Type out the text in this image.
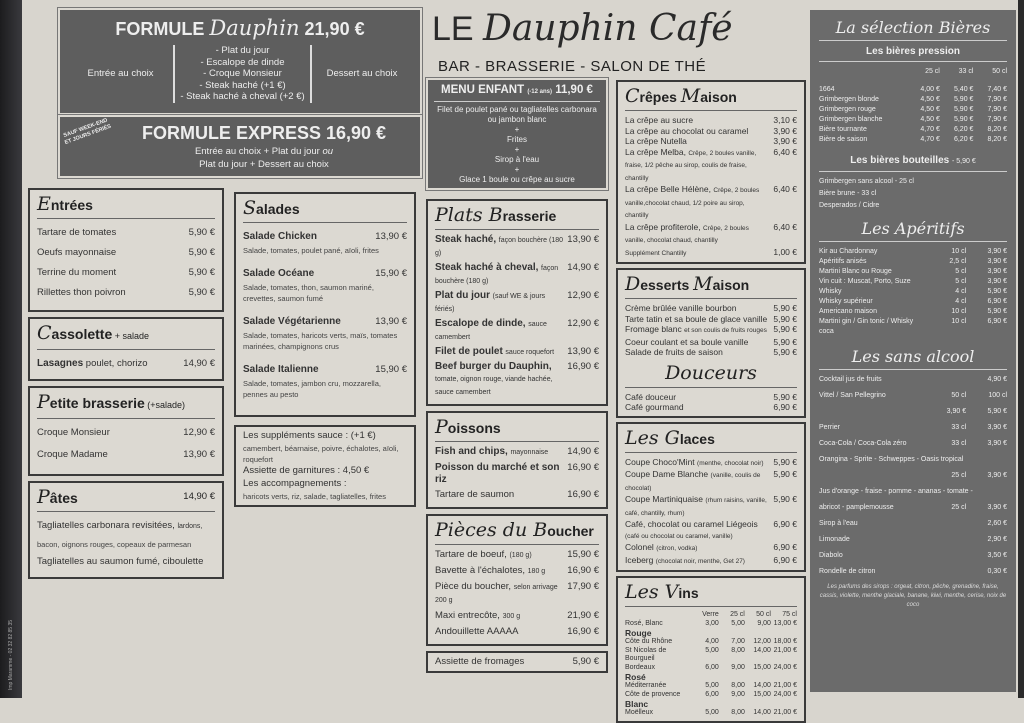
FORMULE Dauphin 21,90 €
Entrée au choix
- Plat du jour
- Escalope de dinde
- Croque Monsieur
- Steak haché (+1 €)
- Steak haché à cheval (+2 €)
Dessert au choix
SAUF WEEK-END ET JOURS FÉRIÉS	FORMULE EXPRESS 16,90 €
Entrée au choix + Plat du jour ou
Plat du jour + Dessert au choix
LE Dauphin Café
BAR - BRASSERIE - SALON DE THÉ
Entrées
Tartare de tomates	5,90 €
Oeufs mayonnaise	5,90 €
Terrine du moment	5,90 €
Rillettes thon poivron	5,90 €
Cassolette + salade
Lasagnes poulet, chorizo	14,90 €
Petite brasserie (+salade)
Croque Monsieur	12,90 €
Croque Madame	13,90 €
Pâtes	14,90 €
Tagliatelles carbonara revisitées, lardons,
bacon, oignons rouges, copeaux de parmesan
Tagliatelles au saumon fumé, ciboulette
Salades
Salade Chicken	13,90 €
Salade, tomates, poulet pané, aïoli, frites
Salade Océane	15,90 €
Salade, tomates, thon, saumon mariné, crevettes, saumon fumé
Salade Végétarienne	13,90 €
Salade, tomates, haricots verts, maïs, tomates marinées, champignons crus
Salade Italienne	15,90 €
Salade, tomates, jambon cru, mozzarella, pennes au pesto
Les suppléments sauce : (+1 €)
camembert, béarnaise, poivre, échalotes, aïoli, roquefort
Assiette de garnitures : 4,50 €
Les accompagnements :
haricots verts, riz, salade, tagliatelles, frites
MENU ENFANT (-12 ans) 11,90 €
Filet de poulet pané ou tagliatelles carbonara ou jambon blanc
+
Frites
+
Sirop à l'eau
+
Glace 1 boule ou crêpe au sucre
Plats Brasserie
Steak haché, façon bouchère (180 g)
13,90 €
Steak haché à cheval, façon bouchère (180 g)
14,90 €
Plat du jour (sauf WE & jours fériés)
12,90 €
Escalope de dinde, sauce camembert
12,90 €
Filet de poulet sauce roquefort	13,90 €
Beef burger du Dauphin, tomate, oignon rouge, viande hachée, sauce camembert
16,90 €
Poissons
Fish and chips, mayonnaise	14,90 €
Poisson du marché et son riz
16,90 €
Tartare de saumon	16,90 €
Pièces du Boucher
Tartare de boeuf, (180 g)	15,90 €
Bavette à l'échalotes, 180 g	16,90 €
Pièce du boucher, selon arrivage 200 g
17,90 €
Maxi entrecôte, 300 g	21,90 €
Andouillette AAAAA	16,90 €
Assiette de fromages	5,90 €
Crêpes Maison
La crêpe au sucre	3,10 €
La crêpe au chocolat ou caramel	3,90 €
La crêpe Nutella	3,90 €
La crêpe Melba, Crêpe, 2 boules vanille, fraise, 1/2 pêche au sirop, coulis de fraise, chantilly
6,40 €
La crêpe Belle Hélène, Crêpe, 2 boules vanille,chocolat chaud, 1/2 poire au sirop, chantilly
6,40 €
La crêpe profiterole, Crêpe, 2 boules vanille, chocolat chaud, chantilly
6,40 €
Supplément Chantilly	1,00 €
Desserts Maison
Crème brûlée vanille bourbon	5,90 €
Tarte tatin et sa boule de glace vanille 5,90 €
Fromage blanc et son coulis de fruits rouges 5,90 €
Coeur coulant et sa boule vanille	5,90 €
Salade de fruits de saison	5,90 €
Douceurs
Café douceur	5,90 €
Café gourmand	6,90 €
Les Glaces
Coupe Choco'Mint (menthe, chocolat noir)	5,90 €
Coupe Dame Blanche (vanille, coulis de chocolat)
5,90 €
Coupe Martiniquaise (rhum raisins, vanille, café, chantilly, rhum)
5,90 €
Café, chocolat ou caramel Liégeois (café ou chocolat ou caramel, vanille)
6,90 €
Colonel (citron, vodka)	6,90 €
Iceberg (chocolat noir, menthe, Get 27)	6,90 €
Les Vins
Verre	25 cl	50 cl	75 cl
Rosé, Blanc	3,00	5,00	9,00 13,00 €
Rouge
Côte du Rhône	4,00	7,00	12,00 18,00 €
St Nicolas de Bourgueil
5,00	8,00	14,00 21,00 €
Bordeaux	6,00	9,00	15,00 24,00 €
Rosé
Méditerranée	5,00	8,00	14,00 21,00 €
Côte de provence	6,00	9,00	15,00 24,00 €
Blanc
Moëlleux	5,00	8,00	14,00 21,00 €
La sélection Bières
Les bières pression
25 cl	33 cl	50 cl
1664	4,00 €	5,40 €	7,40 €
Grimbergen blonde	4,50 €	5,90 €	7,90 €
Grimbergen rouge	4,50 €	5,90 €	7,90 €
Grimbergen blanche	4,50 €	5,90 €	7,90 €
Bière tournante	4,70 €	6,20 €	8,20 €
Bière de saison	4,70 €	6,20 €	8,20 €
Les bières bouteilles - 5,90 €
Grimbergen sans alcool - 25 cl
Bière brune - 33 cl
Desperados / Cidre
Les Apéritifs
Kir au Chardonnay	10 cl	3,90 €
Apéritifs anisés	2,5 cl	3,90 €
Martini Blanc ou Rouge	5 cl	3,90 €
Vin cuit : Muscat, Porto, Suze	5 cl	3,90 €
Whisky	4 cl	5,90 €
Whisky supérieur	4 cl	6,90 €
Americano maison	10 cl	5,90 €
Martini gin / Gin tonic / Whisky coca
10 cl	6,90 €
Les sans alcool
Cocktail jus de fruits	4,90 €
Vittel / San Pellegrino	50 cl	100 cl
3,90 €	5,90 €
Perrier	33 cl	3,90 €
Coca-Cola / Coca-Cola zéro	33 cl	3,90 €
Orangina - Sprite - Schweppes - Oasis tropical
25 cl	3,90 €
Jus d'orange - fraise - pomme - ananas - tomate -
abricot - pamplemousse	25 cl	3,90 €
Sirop à l'eau	2,60 €
Limonade	2,90 €
Diabolo	3,50 €
Rondelle de citron	0,30 €
Les parfums des sirops : orgeat, citron, pêche, grenadine, fraise, cassis, violette, menthe glaciale, banane, kiwi, menthe, cerise, noix de coco
Imp Maramme - 02 32 82 85 35
